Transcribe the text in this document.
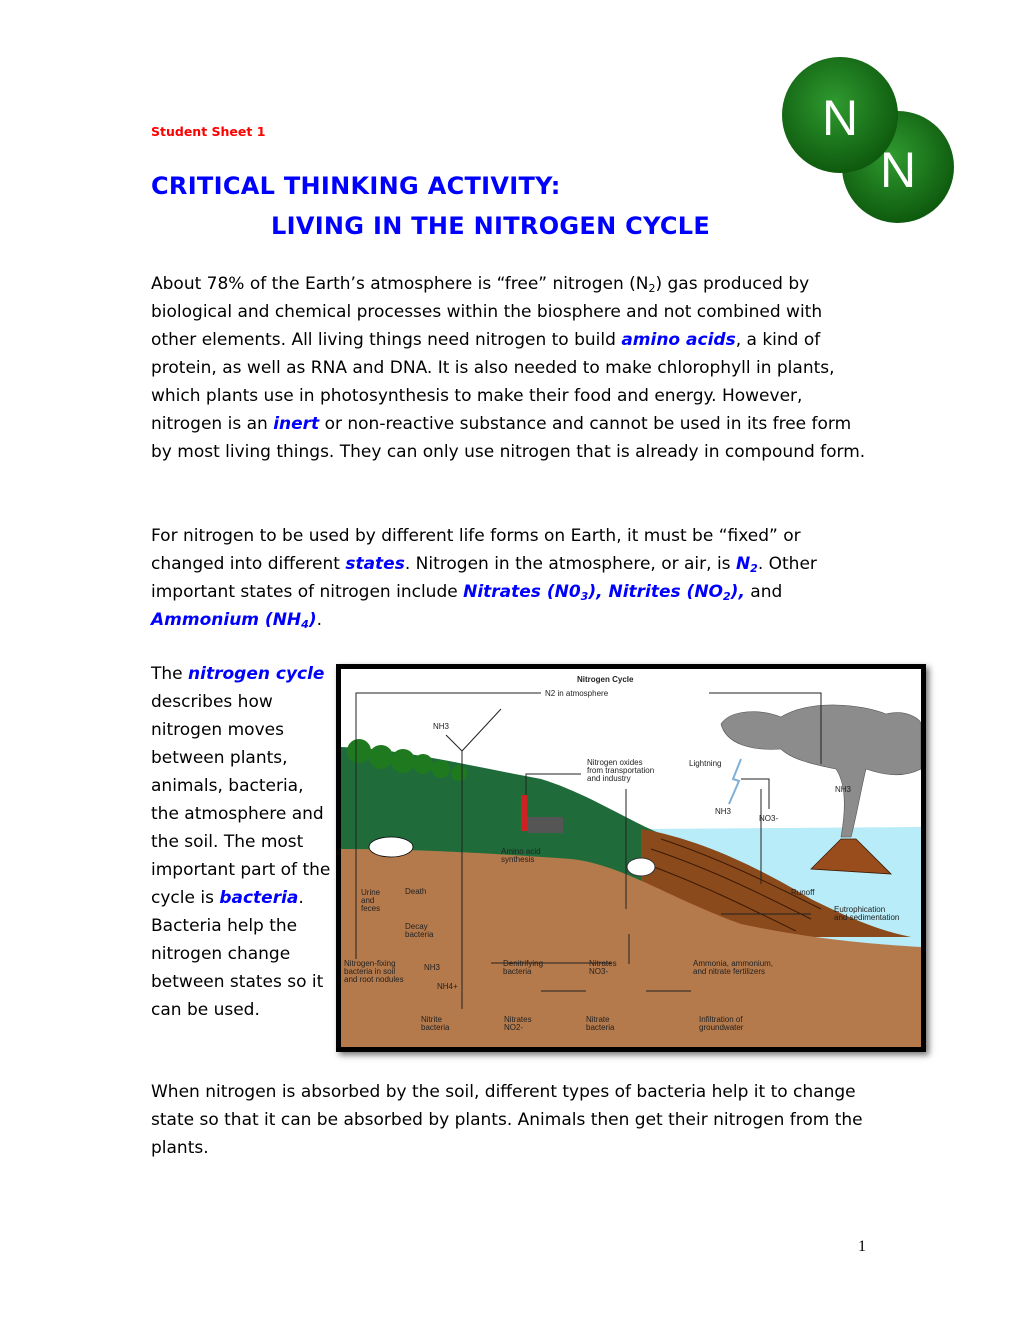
Student Sheet 1
CRITICAL THINKING ACTIVITY:
LIVING IN THE NITROGEN CYCLE
N
N
About 78% of the Earth’s atmosphere is “free” nitrogen $(N_2)$ gas produced by biological and chemical processes within the biosphere and not combined with other elements. All living things need nitrogen to build amino acids, a kind of protein, as well as RNA and DNA. It is also needed to make chlorophyll in plants, which plants use in photosynthesis to make their food and energy. However, nitrogen is an inert or non-reactive substance and cannot be used in its free form by most living things. They can only use nitrogen that is already in compound form.
For nitrogen to be used by different life forms on Earth, it must be “fixed” or changed into different states. Nitrogen in the atmosphere, or air, is $N_2$. Other important states of nitrogen include Nitrates $(N0_3)$, Nitrites $(NO_2)$, and Ammonium $(NH_4)$.
The nitrogen cycle describes how nitrogen moves between plants, animals, bacteria, the atmosphere and the soil. The most important part of the cycle is bacteria. Bacteria help the nitrogen change between states so it can be used.
Nitrogen Cycle
N2 in atmosphere
NH3
Nitrogen oxides
from transportation
and industry
Lightning
NH3
NO3-
NH3
Amino acid
synthesis
Urine
and
feces
Death
Decay
bacteria
Runoff
Eutrophication
and sedimentation
Nitrogen-fixing
bacteria in soil
and root nodules
NH3
NH4+
Denitrifying
bacteria
Nitrates
NO3-
Ammonia, ammonium,
and nitrate fertilizers
Nitrite
bacteria
Nitrates
NO2-
Nitrate
bacteria
Infiltration of
groundwater
When nitrogen is absorbed by the soil, different types of bacteria help it to change state so that it can be absorbed by plants. Animals then get their nitrogen from the plants.
1
